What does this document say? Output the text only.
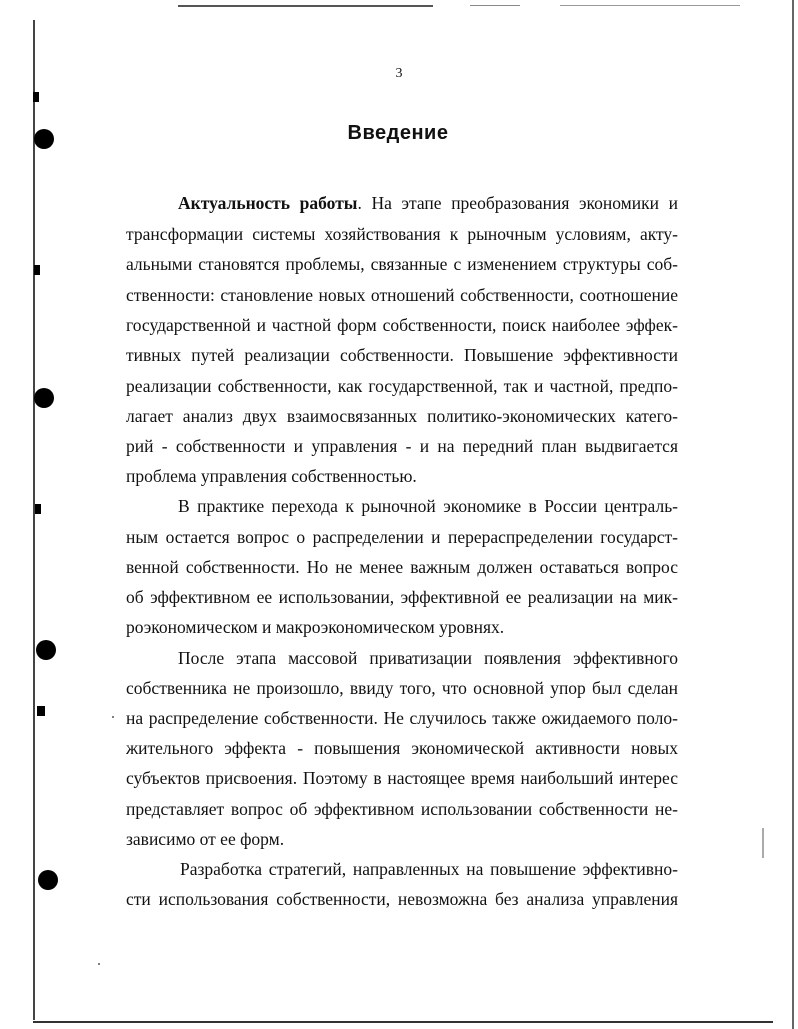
3
Введение
Актуальность работы. На этапе преобразования экономики и
трансформации системы хозяйствования к рыночным условиям, акту-
альными становятся проблемы, связанные с изменением структуры соб-
ственности: становление новых отношений собственности, соотношение
государственной и частной форм собственности, поиск наиболее эффек-
тивных путей реализации собственности. Повышение эффективности
реализации собственности, как государственной, так и частной, предпо-
лагает анализ двух взаимосвязанных политико-экономических катего-
рий - собственности и управления - и на передний план выдвигается
проблема управления собственностью.
В практике перехода к рыночной экономике в России централь-
ным остается вопрос о распределении и перераспределении государст-
венной собственности. Но не менее важным должен оставаться вопрос
об эффективном ее использовании, эффективной ее реализации на мик-
роэкономическом и макроэкономическом уровнях.
После этапа массовой приватизации появления эффективного
собственника не произошло, ввиду того, что основной упор был сделан
на распределение собственности. Не случилось также ожидаемого поло-
жительного эффекта - повышения экономической активности новых
субъектов присвоения. Поэтому в настоящее время наибольший интерес
представляет вопрос об эффективном использовании собственности не-
зависимо от ее форм.
Разработка стратегий, направленных на повышение эффективно-
сти использования собственности, невозможна без анализа управления
